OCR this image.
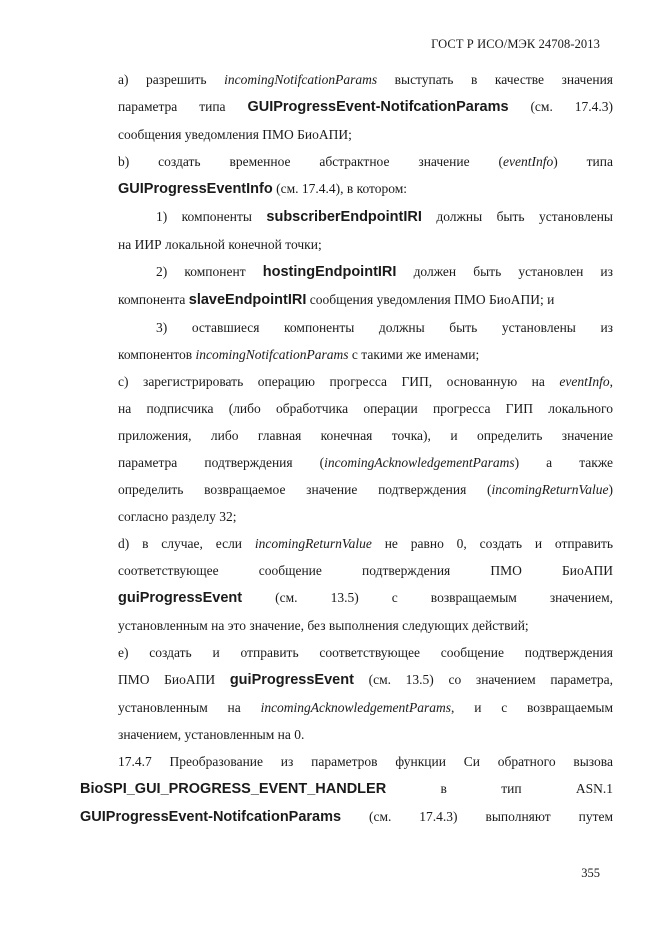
ГОСТ Р ИСО/МЭК 24708-2013

a) разрешить incomingNotifcationParams выступать в качестве значения

параметра типа GUIProgressEvent-NotifcationParams (см. 17.4.3)

сообщения уведомления ПМО БиоАПИ;

b) создать временное абстрактное значение (eventInfo) типа

GUIProgressEventInfo (см. 17.4.4), в котором:

1) компоненты subscriberEndpointIRI должны быть установлены

на ИИР локальной конечной точки;

2) компонент hostingEndpointIRI должен быть установлен из

компонента slaveEndpointIRI сообщения уведомления ПМО БиоАПИ; и

3) оставшиеся компоненты должны быть установлены из

компонентов incomingNotifcationParams с такими же именами;

c) зарегистрировать операцию прогресса ГИП, основанную на eventInfo,

на подписчика (либо обработчика операции прогресса ГИП локального

приложения, либо главная конечная точка), и определить значение

параметра подтверждения (incomingAcknowledgementParams) а также

определить возвращаемое значение подтверждения (incomingReturnValue)

согласно разделу 32;

d) в случае, если incomingReturnValue не равно 0, создать и отправить

соответствующее сообщение подтверждения ПМО БиоАПИ

guiProgressEvent (см. 13.5) с возвращаемым значением,

установленным на это значение, без выполнения следующих действий;

e) создать и отправить соответствующее сообщение подтверждения

ПМО БиоАПИ guiProgressEvent (см. 13.5) со значением параметра,

установленным на incomingAcknowledgementParams, и с возвращаемым

значением, установленным на 0.

17.4.7 Преобразование из параметров функции Си обратного вызова

BioSPI_GUI_PROGRESS_EVENT_HANDLER в тип ASN.1

GUIProgressEvent-NotifcationParams (см. 17.4.3) выполняют путем

355
